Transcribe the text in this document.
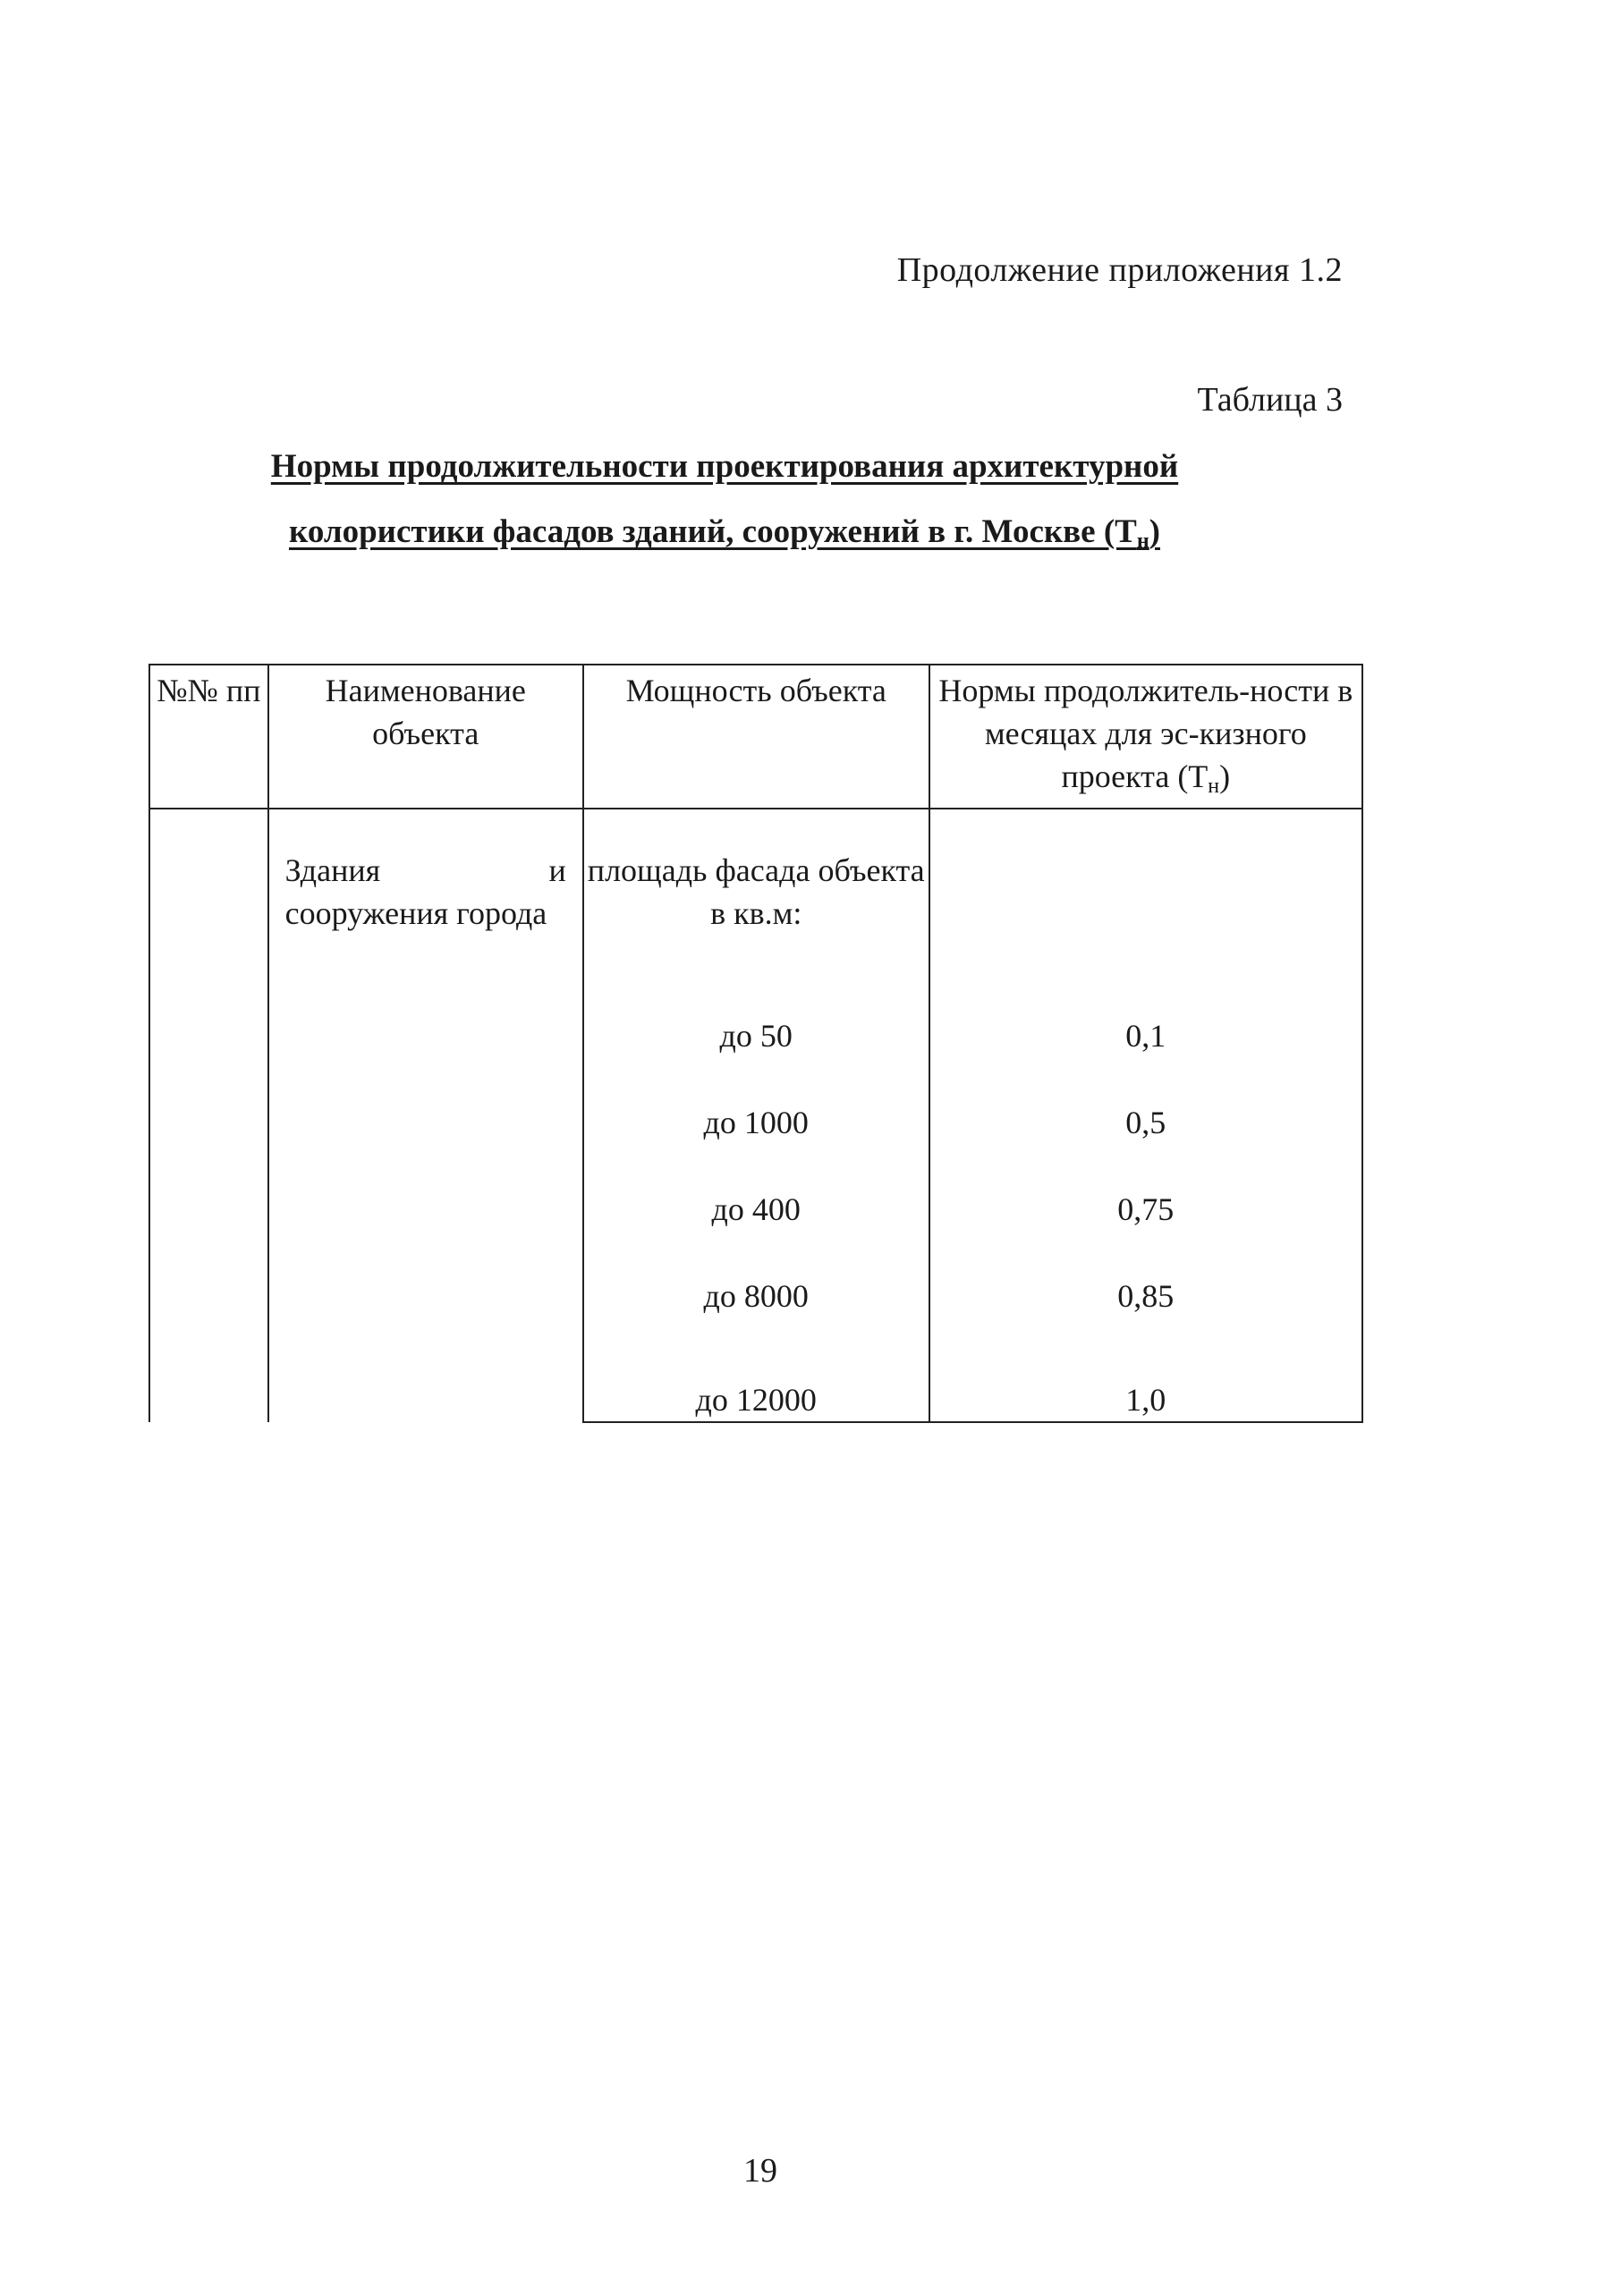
Продолжение приложения 1.2
Таблица 3
Нормы продолжительности проектирования архитектурной
колористики фасадов зданий, сооружений в г. Москве $(Т_н)$
№№ пп	Наименование объекта	Мощность объекта	Нормы продолжитель-ности в месяцах для эс-кизного проекта $(Т_н)$
	Здания и сооружения города	площадь фасада объекта в кв.м:	
		до 50	0,1
		до 1000	0,5
		до 400	0,75
		до 8000	0,85
		до 12000	1,0
19
